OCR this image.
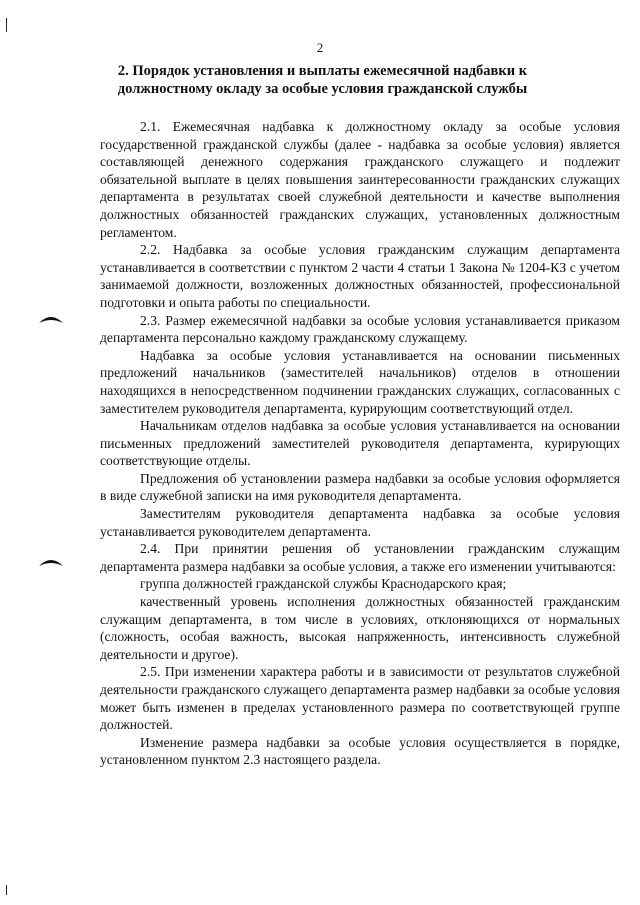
2
2. Порядок установления и выплаты ежемесячной надбавки к должностному окладу за особые условия гражданской службы

2.1. Ежемесячная надбавка к должностному окладу за особые условия государственной гражданской службы (далее - надбавка за особые условия) является составляющей денежного содержания гражданского служащего и подлежит обязательной выплате в целях повышения заинтересованности гражданских служащих департамента в результатах своей служебной деятельности и качестве выполнения должностных обязанностей гражданских служащих, установленных должностным регламентом.

2.2. Надбавка за особые условия гражданским служащим департамента устанавливается в соответствии с пунктом 2 части 4 статьи 1 Закона № 1204-КЗ с учетом занимаемой должности, возложенных должностных обязанностей, профессиональной подготовки и опыта работы по специальности.

2.3. Размер ежемесячной надбавки за особые условия устанавливается приказом департамента персонально каждому гражданскому служащему.

Надбавка за особые условия устанавливается на основании письменных предложений начальников (заместителей начальников) отделов в отношении находящихся в непосредственном подчинении гражданских служащих, согласованных с заместителем руководителя департамента, курирующим соответствующий отдел.

Начальникам отделов надбавка за особые условия устанавливается на основании письменных предложений заместителей руководителя департамента, курирующих соответствующие отделы.

Предложения об установлении размера надбавки за особые условия оформляется в виде служебной записки на имя руководителя департамента.

Заместителям руководителя департамента надбавка за особые условия устанавливается руководителем департамента.

2.4. При принятии решения об установлении гражданским служащим департамента размера надбавки за особые условия, а также его изменении учитываются:

группа должностей гражданской службы Краснодарского края;

качественный уровень исполнения должностных обязанностей гражданским служащим департамента, в том числе в условиях, отклоняющихся от нормальных (сложность, особая важность, высокая напряженность, интенсивность служебной деятельности и другое).

2.5. При изменении характера работы и в зависимости от результатов служебной деятельности гражданского служащего департамента размер надбавки за особые условия может быть изменен в пределах установленного размера по соответствующей группе должностей.

Изменение размера надбавки за особые условия осуществляется в порядке, установленном пунктом 2.3 настоящего раздела.
